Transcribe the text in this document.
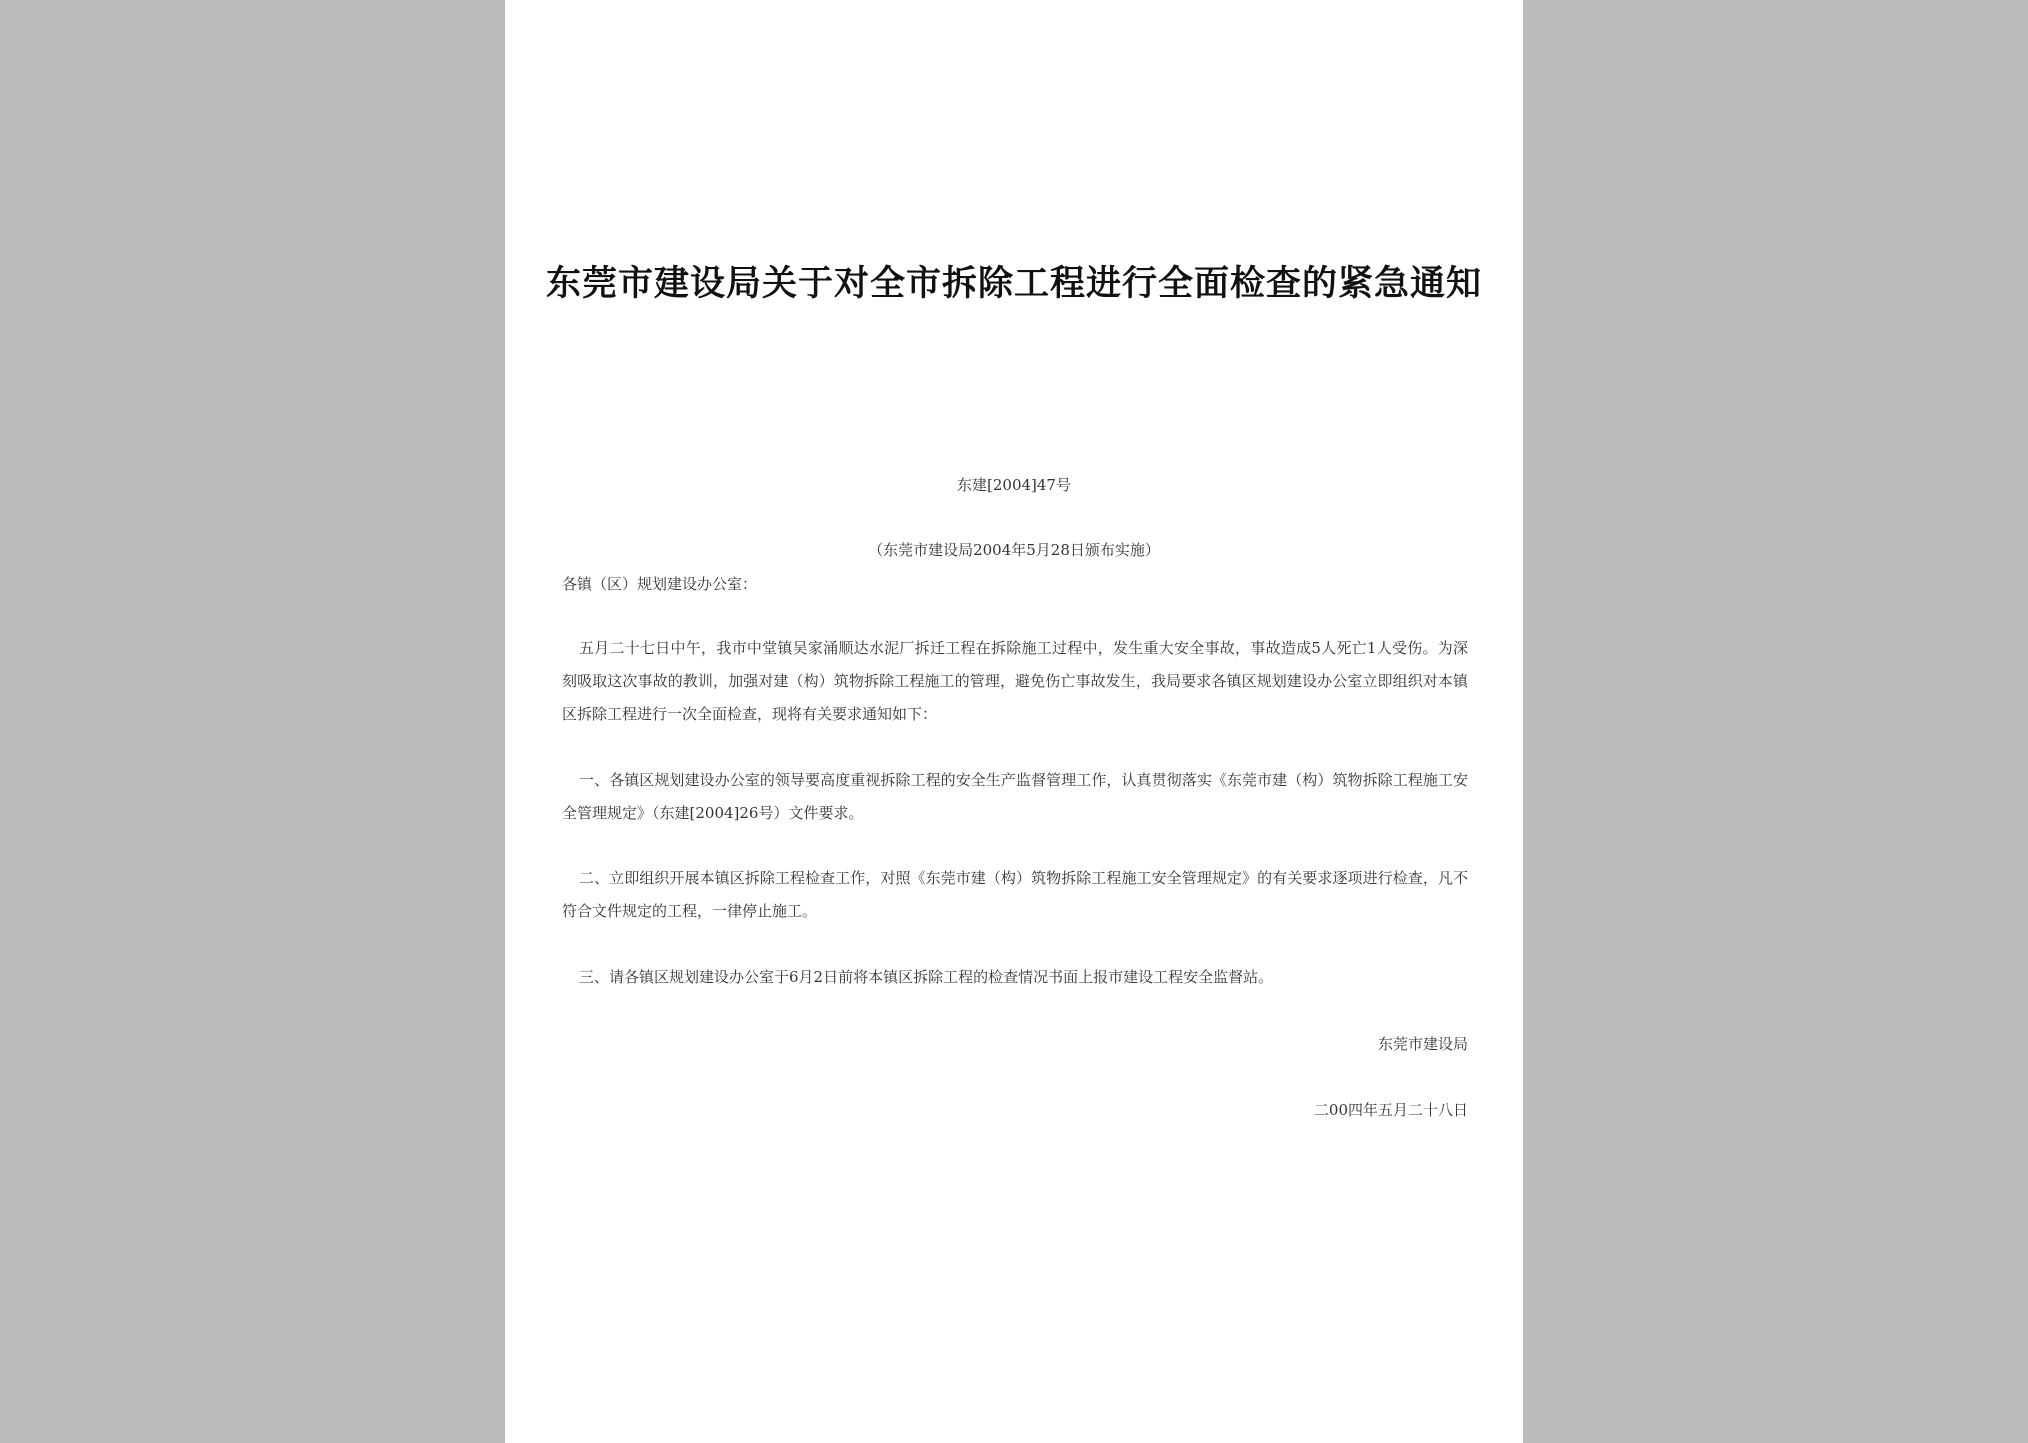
东莞市建设局关于对全市拆除工程进行全面检查的紧急通知
东建[2004]47号
（东莞市建设局2004年5月28日颁布实施）
各镇（区）规划建设办公室：
五月二十七日中午，我市中堂镇吴家涌顺达水泥厂拆迁工程在拆除施工过程中，发生重大安全事故，事故造成5人死亡1人受伤。为深刻吸取这次事故的教训，加强对建（构）筑物拆除工程施工的管理，避免伤亡事故发生，我局要求各镇区规划建设办公室立即组织对本镇区拆除工程进行一次全面检查，现将有关要求通知如下：
一、各镇区规划建设办公室的领导要高度重视拆除工程的安全生产监督管理工作，认真贯彻落实《东莞市建（构）筑物拆除工程施工安全管理规定》（东建[2004]26号）文件要求。
二、立即组织开展本镇区拆除工程检查工作，对照《东莞市建（构）筑物拆除工程施工安全管理规定》的有关要求逐项进行检查，凡不符合文件规定的工程，一律停止施工。
三、请各镇区规划建设办公室于6月2日前将本镇区拆除工程的检查情况书面上报市建设工程安全监督站。
东莞市建设局
二00四年五月二十八日
